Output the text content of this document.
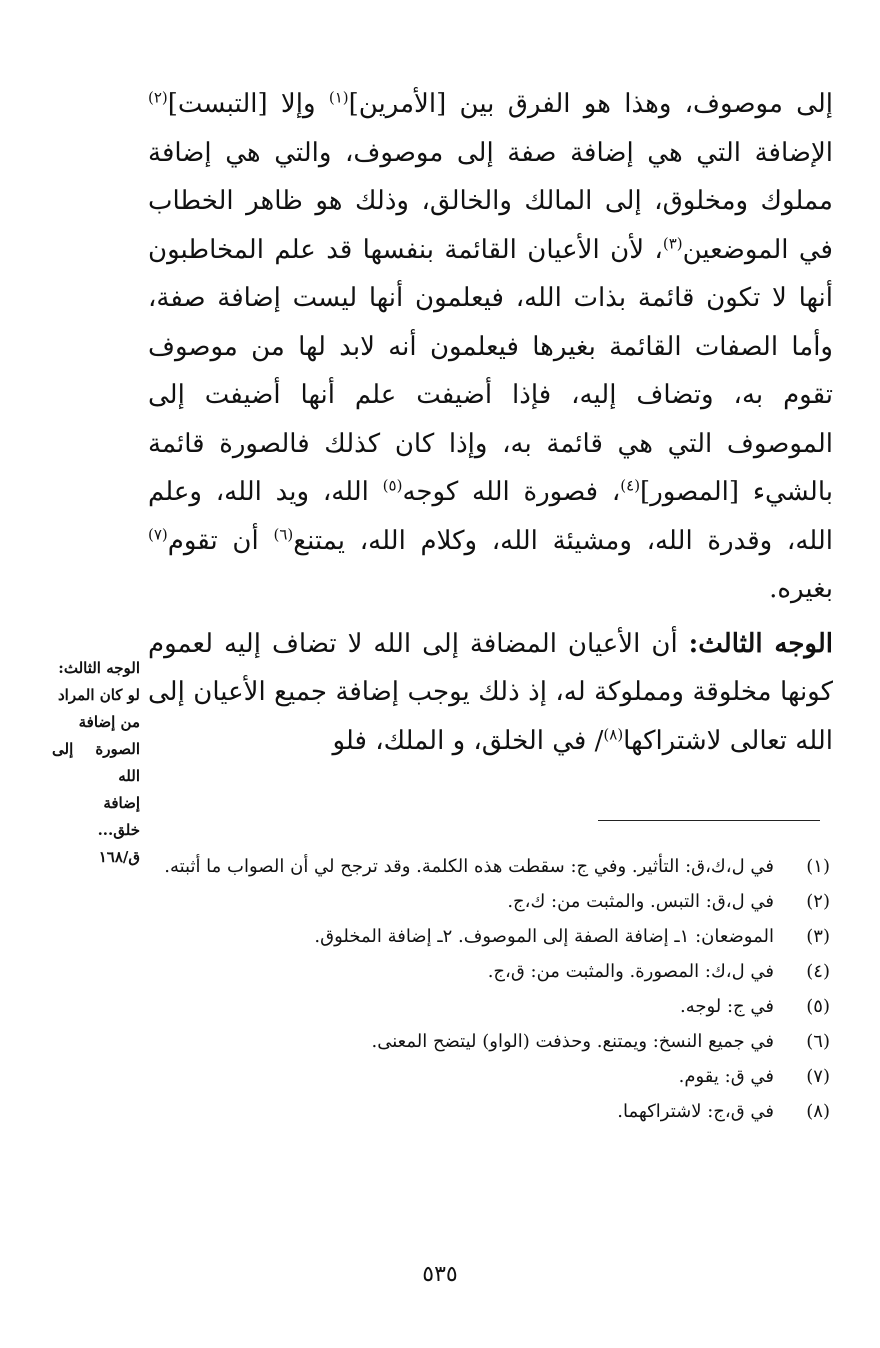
إلى موصوف، وهذا هو الفرق بين [الأمرين]$^{(١)}$ وإلا [التبست]$^{(٢)}$ الإضافة التي هي إضافة صفة إلى موصوف، والتي هي إضافة مملوك ومخلوق، إلى المالك والخالق، وذلك هو ظاهر الخطاب في الموضعين$^{(٣)}$، لأن الأعيان القائمة بنفسها قد علم المخاطبون أنها لا تكون قائمة بذات الله، فيعلمون أنها ليست إضافة صفة، وأما الصفات القائمة بغيرها فيعلمون أنه لابد لها من موصوف تقوم به، وتضاف إليه، فإذا أضيفت علم أنها أضيفت إلى الموصوف التي هي قائمة به، وإذا كان كذلك فالصورة قائمة بالشيء [المصور]$^{(٤)}$، فصورة الله كوجه$^{(٥)}$ الله، ويد الله، وعلم الله، وقدرة الله، ومشيئة الله، وكلام الله، يمتنع$^{(٦)}$ أن تقوم$^{(٧)}$ بغيره.

الوجه الثالث: أن الأعيان المضافة إلى الله لا تضاف إليه لعموم كونها مخلوقة ومملوكة له، إذ ذلك يوجب إضافة جميع الأعيان إلى الله تعالى لاشتراكها$^{(٨)}$/ في الخلق، و الملك، فلو

الوجه الثالث:
لو كان المراد
من إضافة
الصورة إلى الله
إضافة
خلق...
ق/١٦٨	(١)
في ل،ك،ق: التأثير. وفي ج: سقطت هذه الكلمة. وقد ترجح لي أن الصواب ما أثبته.
(٢)
في ل،ق: التبس. والمثبت من: ك،ج.
(٣)
الموضعان: ١ـ إضافة الصفة إلى الموصوف. ٢ـ إضافة المخلوق.
(٤)
في ل،ك: المصورة. والمثبت من: ق،ج.
(٥)
في ج: لوجه.
(٦)
في جميع النسخ: ويمتنع. وحذفت (الواو) ليتضح المعنى.
(٧)
في ق: يقوم.
(٨)
في ق،ج: لاشتراكهما.
٥٣٥
